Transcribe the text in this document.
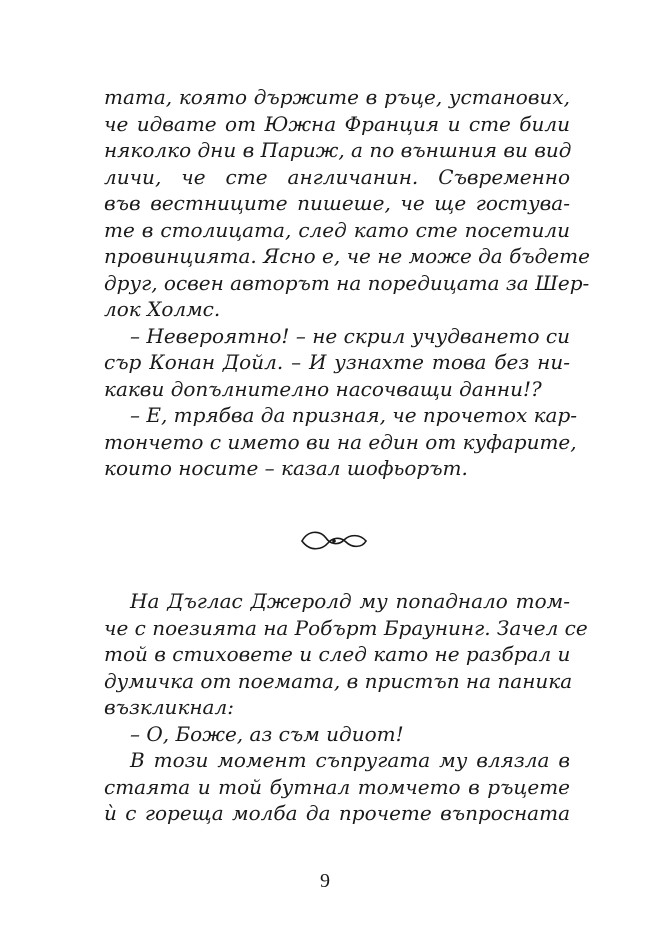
тата, която държите в ръце, установих,
че идвате от Южна Франция и сте били
няколко дни в Париж, а по външния ви вид
личи, че сте англичанин. Съвременно
във вестниците пишеше, че ще гостува-
те в столицата, след като сте посетили
провинцията. Ясно е, че не може да бъдете
друг, освен авторът на поредицата за Шер-
лок Холмс.
– Невероятно! – не скрил учудването си
сър Конан Дойл. – И узнахте това без ни-
какви допълнително насочващи данни!?
– Е, трябва да призная, че прочетох кар-
тончето с името ви на един от куфарите,
които носите – казал шофьорът.
На Дъглас Джеролд му попаднало том-
че с поезията на Робърт Браунинг. Зачел се
той в стиховете и след като не разбрал и
думичка от поемата, в пристъп на паника
възкликнал:
– О, Боже, аз съм идиот!
В този момент съпругата му влязла в
стаята и той бутнал томчето в ръцете
ѝ с гореща молба да прочете въпросната
9
